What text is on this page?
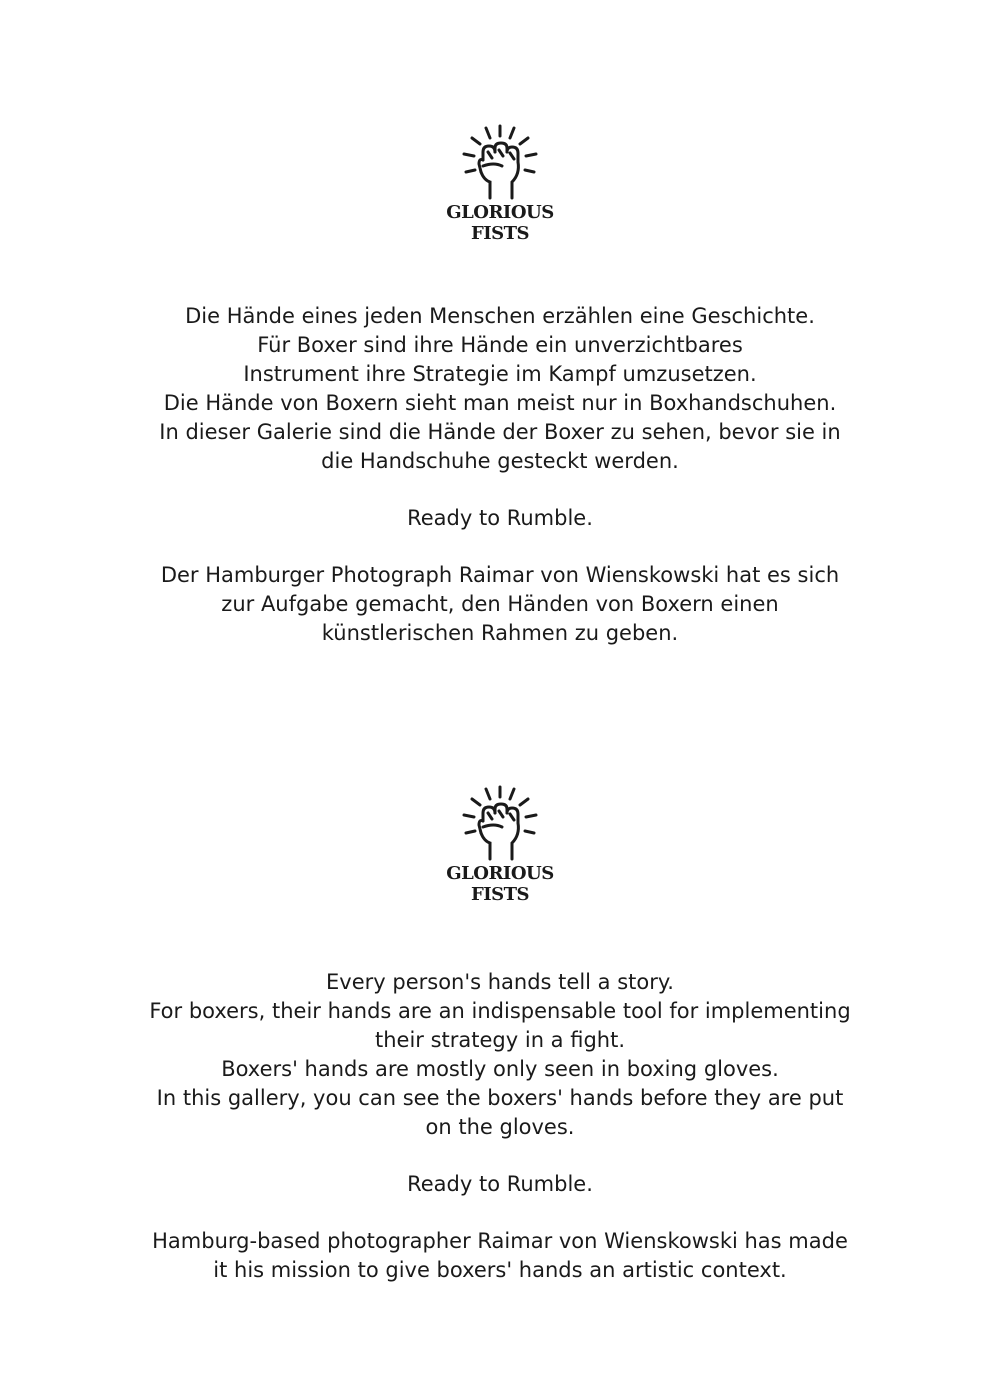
GLORIOUS
FISTS
Die Hände eines jeden Menschen erzählen eine Geschichte.
Für Boxer sind ihre Hände ein unverzichtbares
Instrument ihre Strategie im Kampf umzusetzen.
Die Hände von Boxern sieht man meist nur in Boxhandschuhen.
In dieser Galerie sind die Hände der Boxer zu sehen, bevor sie in
die Handschuhe gesteckt werden.
Ready to Rumble.
Der Hamburger Photograph Raimar von Wienskowski hat es sich
zur Aufgabe gemacht, den Händen von Boxern einen
künstlerischen Rahmen zu geben.
GLORIOUS
FISTS
Every person's hands tell a story.
For boxers, their hands are an indispensable tool for implementing
their strategy in a fight.
Boxers' hands are mostly only seen in boxing gloves.
In this gallery, you can see the boxers' hands before they are put
on the gloves.
Ready to Rumble.
Hamburg-based photographer Raimar von Wienskowski has made
it his mission to give boxers' hands an artistic context.
